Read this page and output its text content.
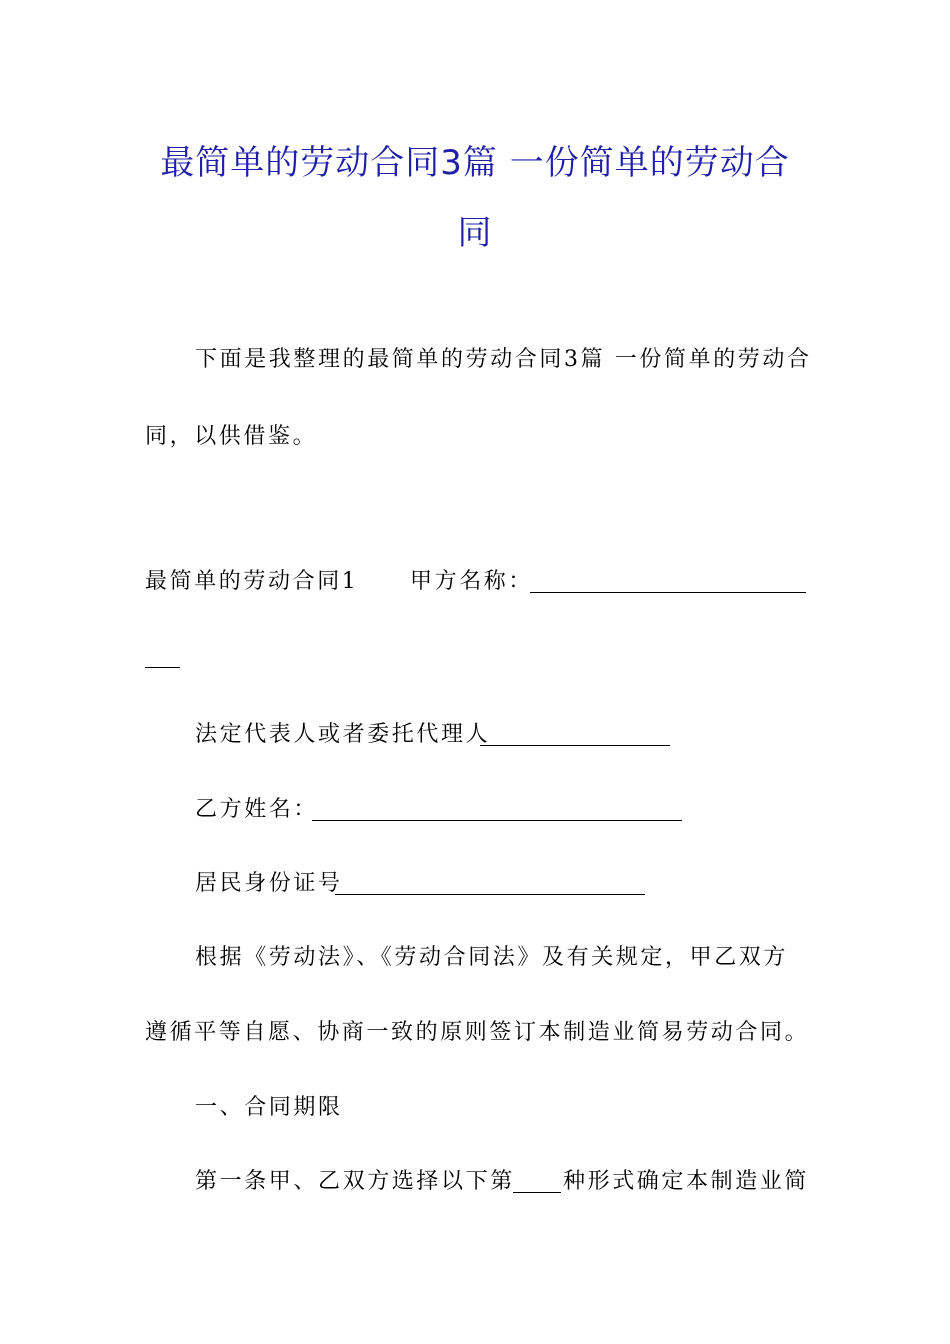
最简单的劳动合同3篇 一份简单的劳动合
同
下面是我整理的最简单的劳动合同3篇 一份简单的劳动合
同，以供借鉴。
最简单的劳动合同1 甲方名称：
法定代表人或者委托代理人
乙方姓名：
居民身份证号
根据《劳动法》、《劳动合同法》及有关规定，甲乙双方
遵循平等自愿、协商一致的原则签订本制造业简易劳动合同。
一、合同期限
第一条甲、乙双方选择以下第 种形式确定本制造业简
